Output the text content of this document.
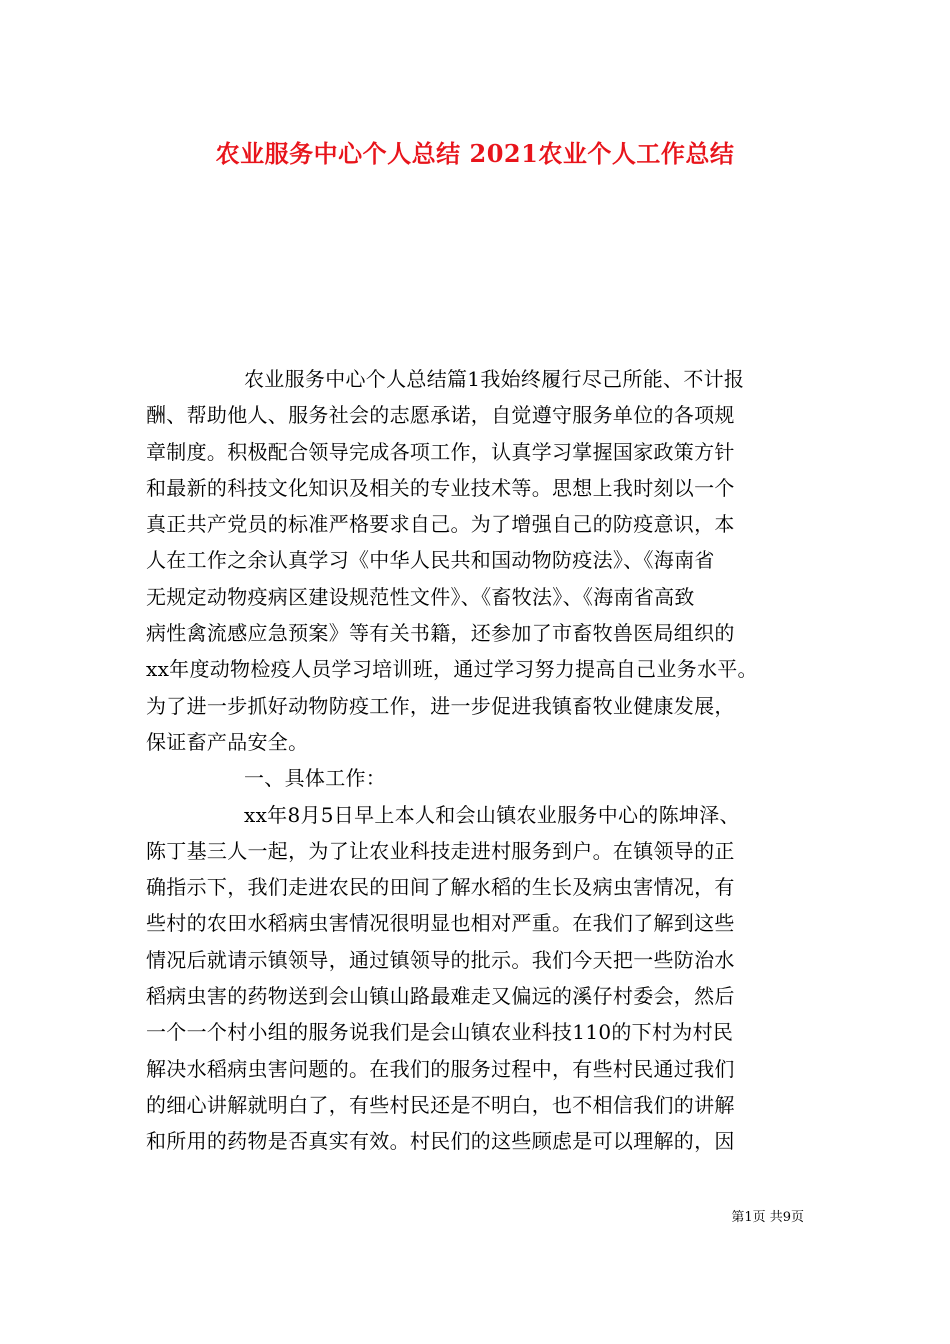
农业服务中心个人总结 2021农业个人工作总结
农业服务中心个人总结篇1我始终履行尽己所能、不计报
酬、帮助他人、服务社会的志愿承诺，自觉遵守服务单位的各项规
章制度。积极配合领导完成各项工作，认真学习掌握国家政策方针
和最新的科技文化知识及相关的专业技术等。思想上我时刻以一个
真正共产党员的标准严格要求自己。为了增强自己的防疫意识，本
人在工作之余认真学习《中华人民共和国动物防疫法》、《海南省
无规定动物疫病区建设规范性文件》、《畜牧法》、《海南省高致
病性禽流感应急预案》等有关书籍，还参加了市畜牧兽医局组织的
xx年度动物检疫人员学习培训班，通过学习努力提高自己业务水平。
为了进一步抓好动物防疫工作，进一步促进我镇畜牧业健康发展，
保证畜产品安全。
一、具体工作：
xx年8月5日早上本人和会山镇农业服务中心的陈坤泽、
陈丁基三人一起，为了让农业科技走进村服务到户。在镇领导的正
确指示下，我们走进农民的田间了解水稻的生长及病虫害情况，有
些村的农田水稻病虫害情况很明显也相对严重。在我们了解到这些
情况后就请示镇领导，通过镇领导的批示。我们今天把一些防治水
稻病虫害的药物送到会山镇山路最难走又偏远的溪仔村委会，然后
一个一个村小组的服务说我们是会山镇农业科技110的下村为村民
解决水稻病虫害问题的。在我们的服务过程中，有些村民通过我们
的细心讲解就明白了，有些村民还是不明白，也不相信我们的讲解
和所用的药物是否真实有效。村民们的这些顾虑是可以理解的，因
第1页 共9页
